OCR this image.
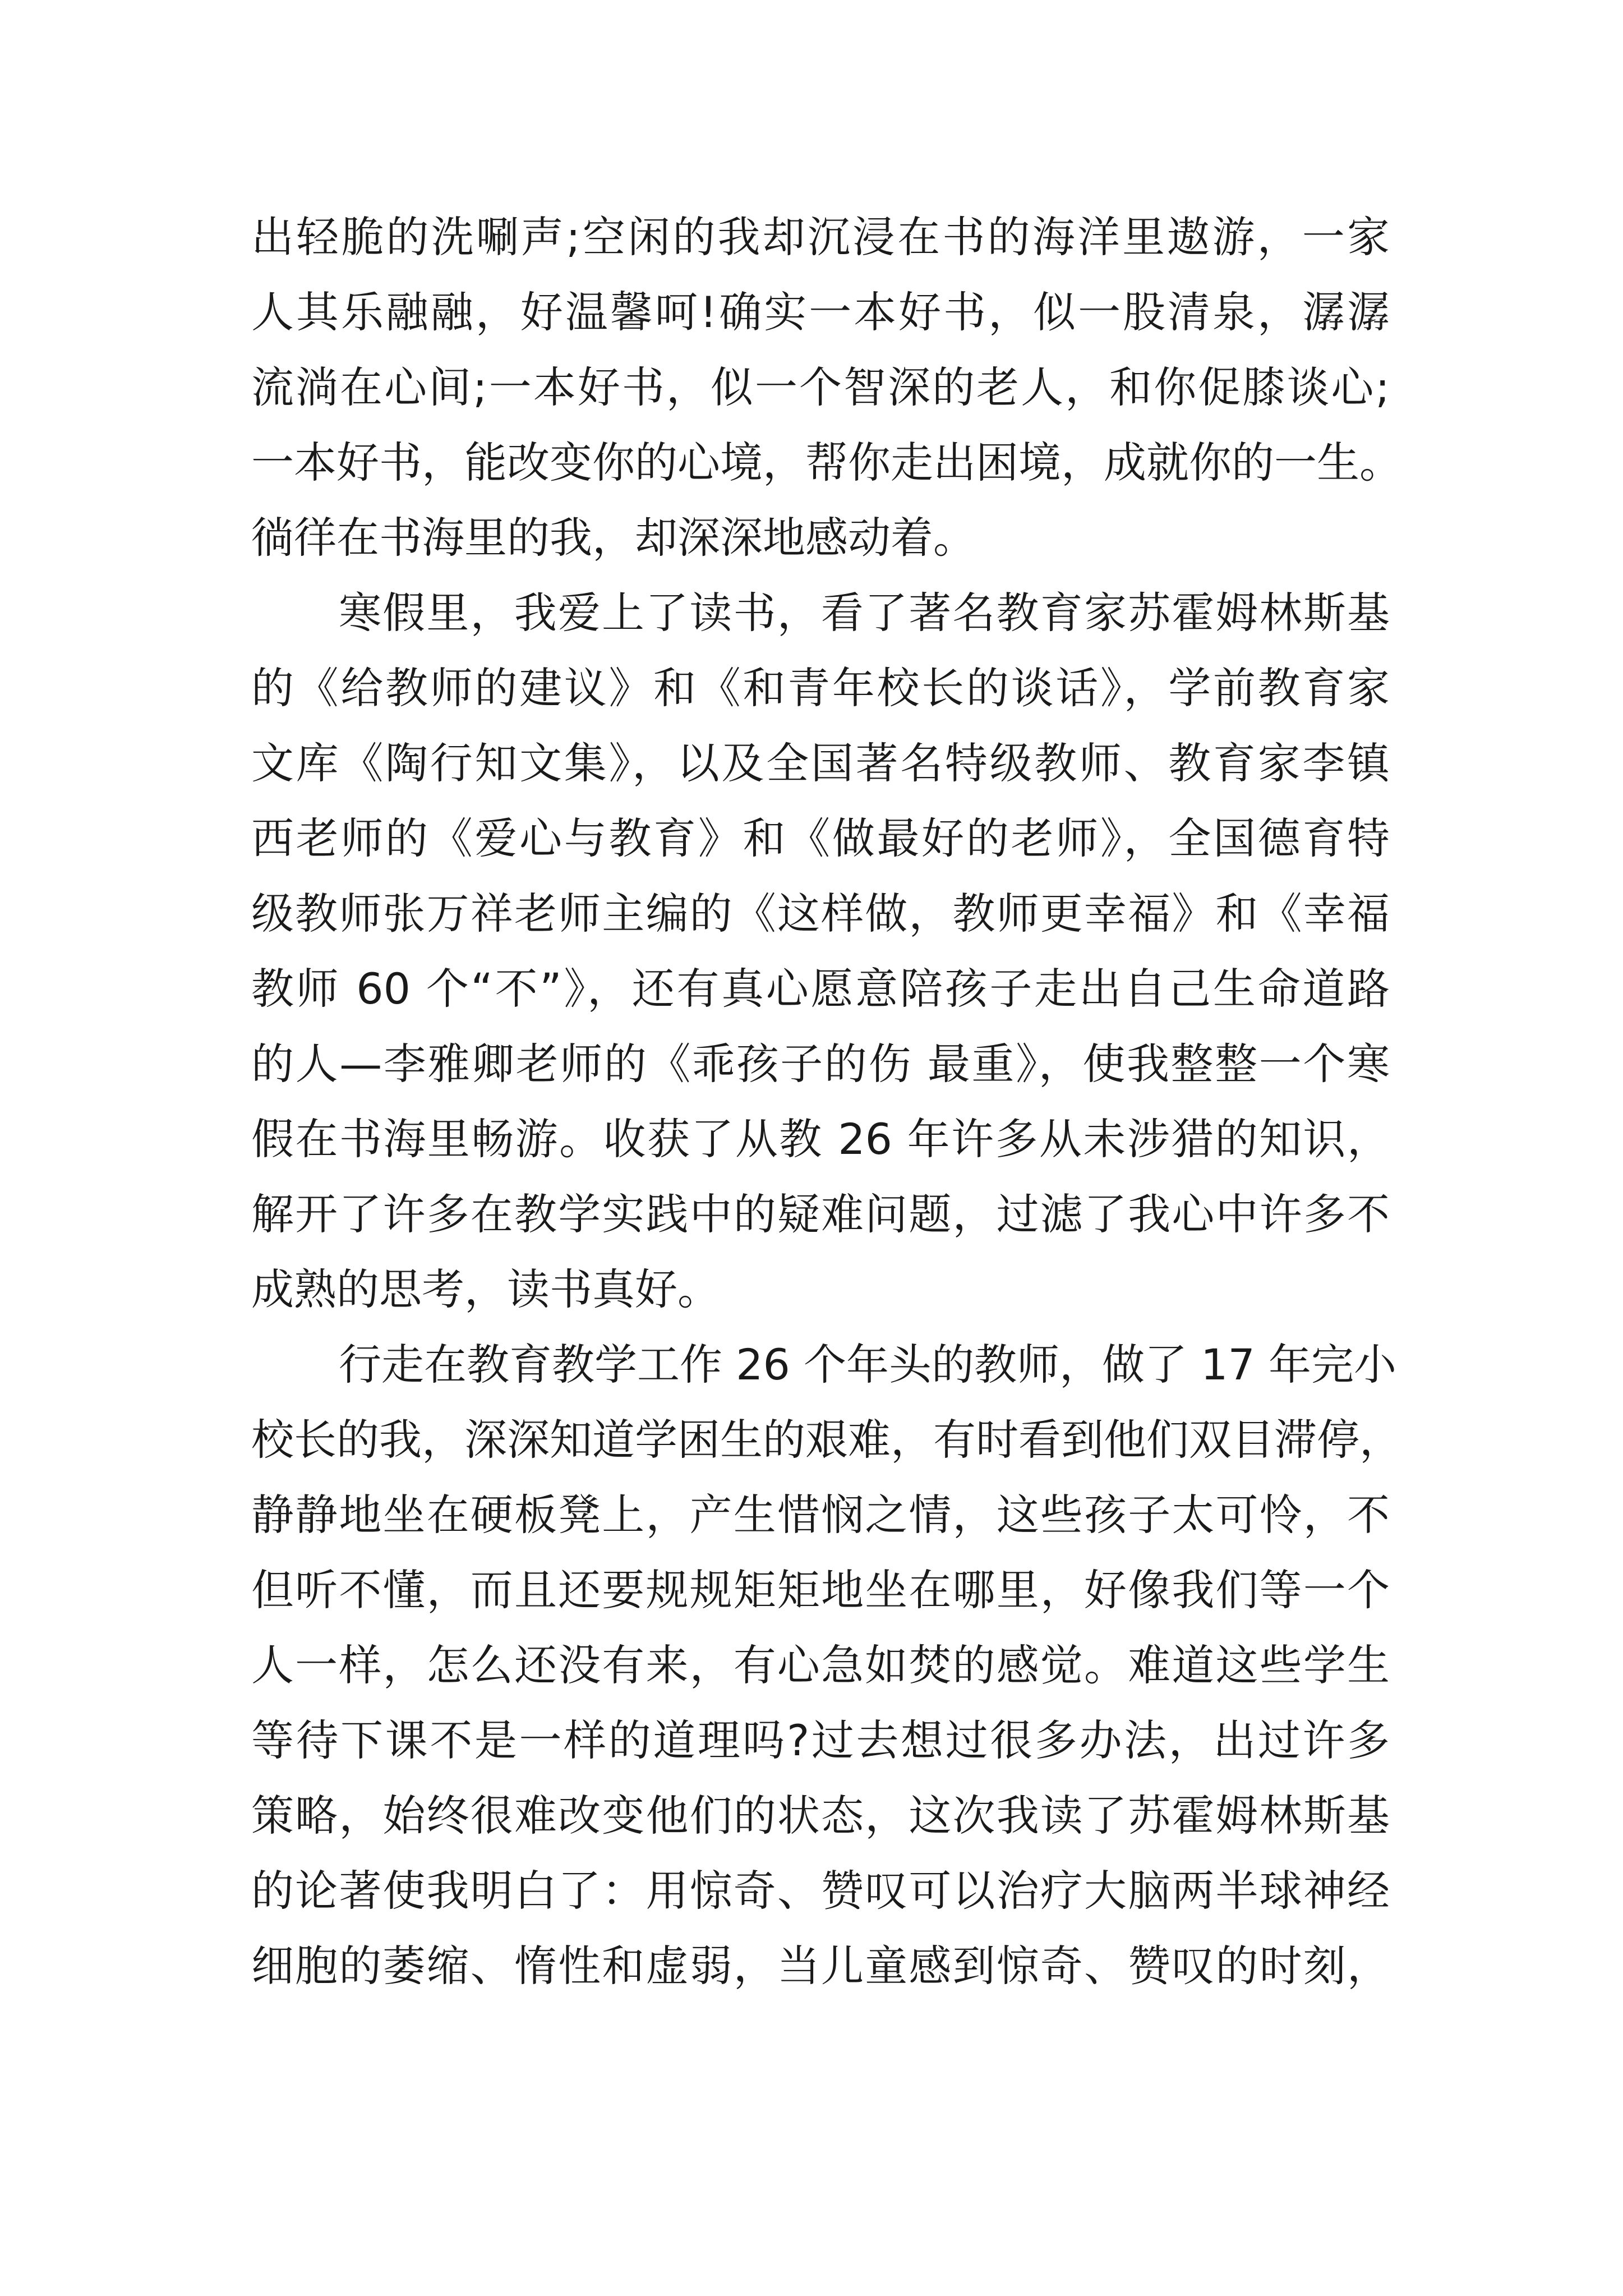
出轻脆的洗唰声;空闲的我却沉浸在书的海洋里遨游，一家
人其乐融融，好温馨呵!确实一本好书，似一股清泉，潺潺
流淌在心间;一本好书，似一个智深的老人，和你促膝谈心;
一本好书，能改变你的心境，帮你走出困境，成就你的一生。
徜徉在书海里的我，却深深地感动着。
寒假里，我爱上了读书，看了著名教育家苏霍姆林斯基
的《给教师的建议》和《和青年校长的谈话》，学前教育家
文库《陶行知文集》，以及全国著名特级教师、教育家李镇
西老师的《爱心与教育》和《做最好的老师》，全国德育特
级教师张万祥老师主编的《这样做，教师更幸福》和《幸福
教师 60 个“不”》，还有真心愿意陪孩子走出自己生命道路
的人—李雅卿老师的《乖孩子的伤 最重》，使我整整一个寒
假在书海里畅游。收获了从教 26 年许多从未涉猎的知识，
解开了许多在教学实践中的疑难问题，过滤了我心中许多不
成熟的思考，读书真好。
行走在教育教学工作 26 个年头的教师，做了 17 年完小
校长的我，深深知道学困生的艰难，有时看到他们双目滞停，
静静地坐在硬板凳上，产生惜悯之情，这些孩子太可怜，不
但听不懂，而且还要规规矩矩地坐在哪里，好像我们等一个
人一样，怎么还没有来，有心急如焚的感觉。难道这些学生
等待下课不是一样的道理吗?过去想过很多办法，出过许多
策略，始终很难改变他们的状态，这次我读了苏霍姆林斯基
的论著使我明白了：用惊奇、赞叹可以治疗大脑两半球神经
细胞的萎缩、惰性和虚弱，当儿童感到惊奇、赞叹的时刻，
